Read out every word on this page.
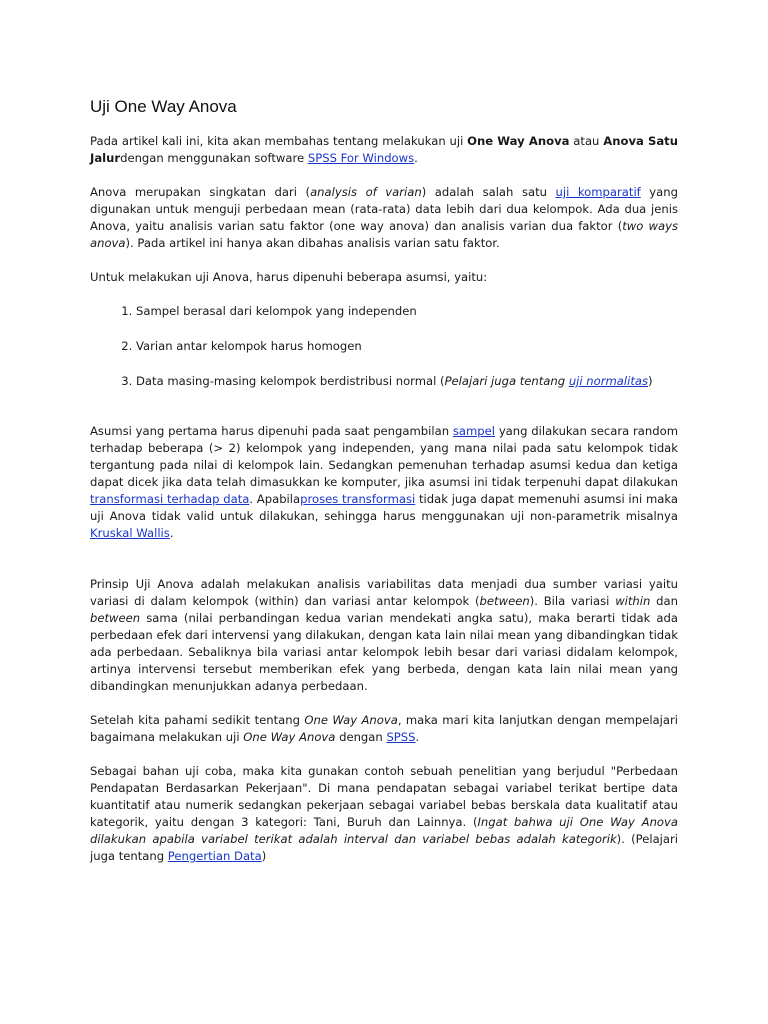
Uji One Way Anova

Pada artikel kali ini, kita akan membahas tentang melakukan uji One Way Anova atau Anova Satu Jalurdengan menggunakan software SPSS For Windows.

Anova merupakan singkatan dari (analysis of varian) adalah salah satu uji komparatif yang digunakan untuk menguji perbedaan mean (rata-rata) data lebih dari dua kelompok. Ada dua jenis Anova, yaitu analisis varian satu faktor (one way anova) dan analisis varian dua faktor (two ways anova). Pada artikel ini hanya akan dibahas analisis varian satu faktor.

Untuk melakukan uji Anova, harus dipenuhi beberapa asumsi, yaitu:

1. Sampel berasal dari kelompok yang independen
2. Varian antar kelompok harus homogen
3. Data masing-masing kelompok berdistribusi normal (Pelajari juga tentang uji normalitas)

Asumsi yang pertama harus dipenuhi pada saat pengambilan sampel yang dilakukan secara random terhadap beberapa (> 2) kelompok yang independen, yang mana nilai pada satu kelompok tidak tergantung pada nilai di kelompok lain. Sedangkan pemenuhan terhadap asumsi kedua dan ketiga dapat dicek jika data telah dimasukkan ke komputer, jika asumsi ini tidak terpenuhi dapat dilakukan transformasi terhadap data. Apabilaproses transformasi tidak juga dapat memenuhi asumsi ini maka uji Anova tidak valid untuk dilakukan, sehingga harus menggunakan uji non-parametrik misalnya Kruskal Wallis.

Prinsip Uji Anova adalah melakukan analisis variabilitas data menjadi dua sumber variasi yaitu variasi di dalam kelompok (within) dan variasi antar kelompok (between). Bila variasi within dan between sama (nilai perbandingan kedua varian mendekati angka satu), maka berarti tidak ada perbedaan efek dari intervensi yang dilakukan, dengan kata lain nilai mean yang dibandingkan tidak ada perbedaan. Sebaliknya bila variasi antar kelompok lebih besar dari variasi didalam kelompok, artinya intervensi tersebut memberikan efek yang berbeda, dengan kata lain nilai mean yang dibandingkan menunjukkan adanya perbedaan.

Setelah kita pahami sedikit tentang One Way Anova, maka mari kita lanjutkan dengan mempelajari bagaimana melakukan uji One Way Anova dengan SPSS.

Sebagai bahan uji coba, maka kita gunakan contoh sebuah penelitian yang berjudul "Perbedaan Pendapatan Berdasarkan Pekerjaan". Di mana pendapatan sebagai variabel terikat bertipe data kuantitatif atau numerik sedangkan pekerjaan sebagai variabel bebas berskala data kualitatif atau kategorik, yaitu dengan 3 kategori: Tani, Buruh dan Lainnya. (Ingat bahwa uji One Way Anova dilakukan apabila variabel terikat adalah interval dan variabel bebas adalah kategorik). (Pelajari juga tentang Pengertian Data)
